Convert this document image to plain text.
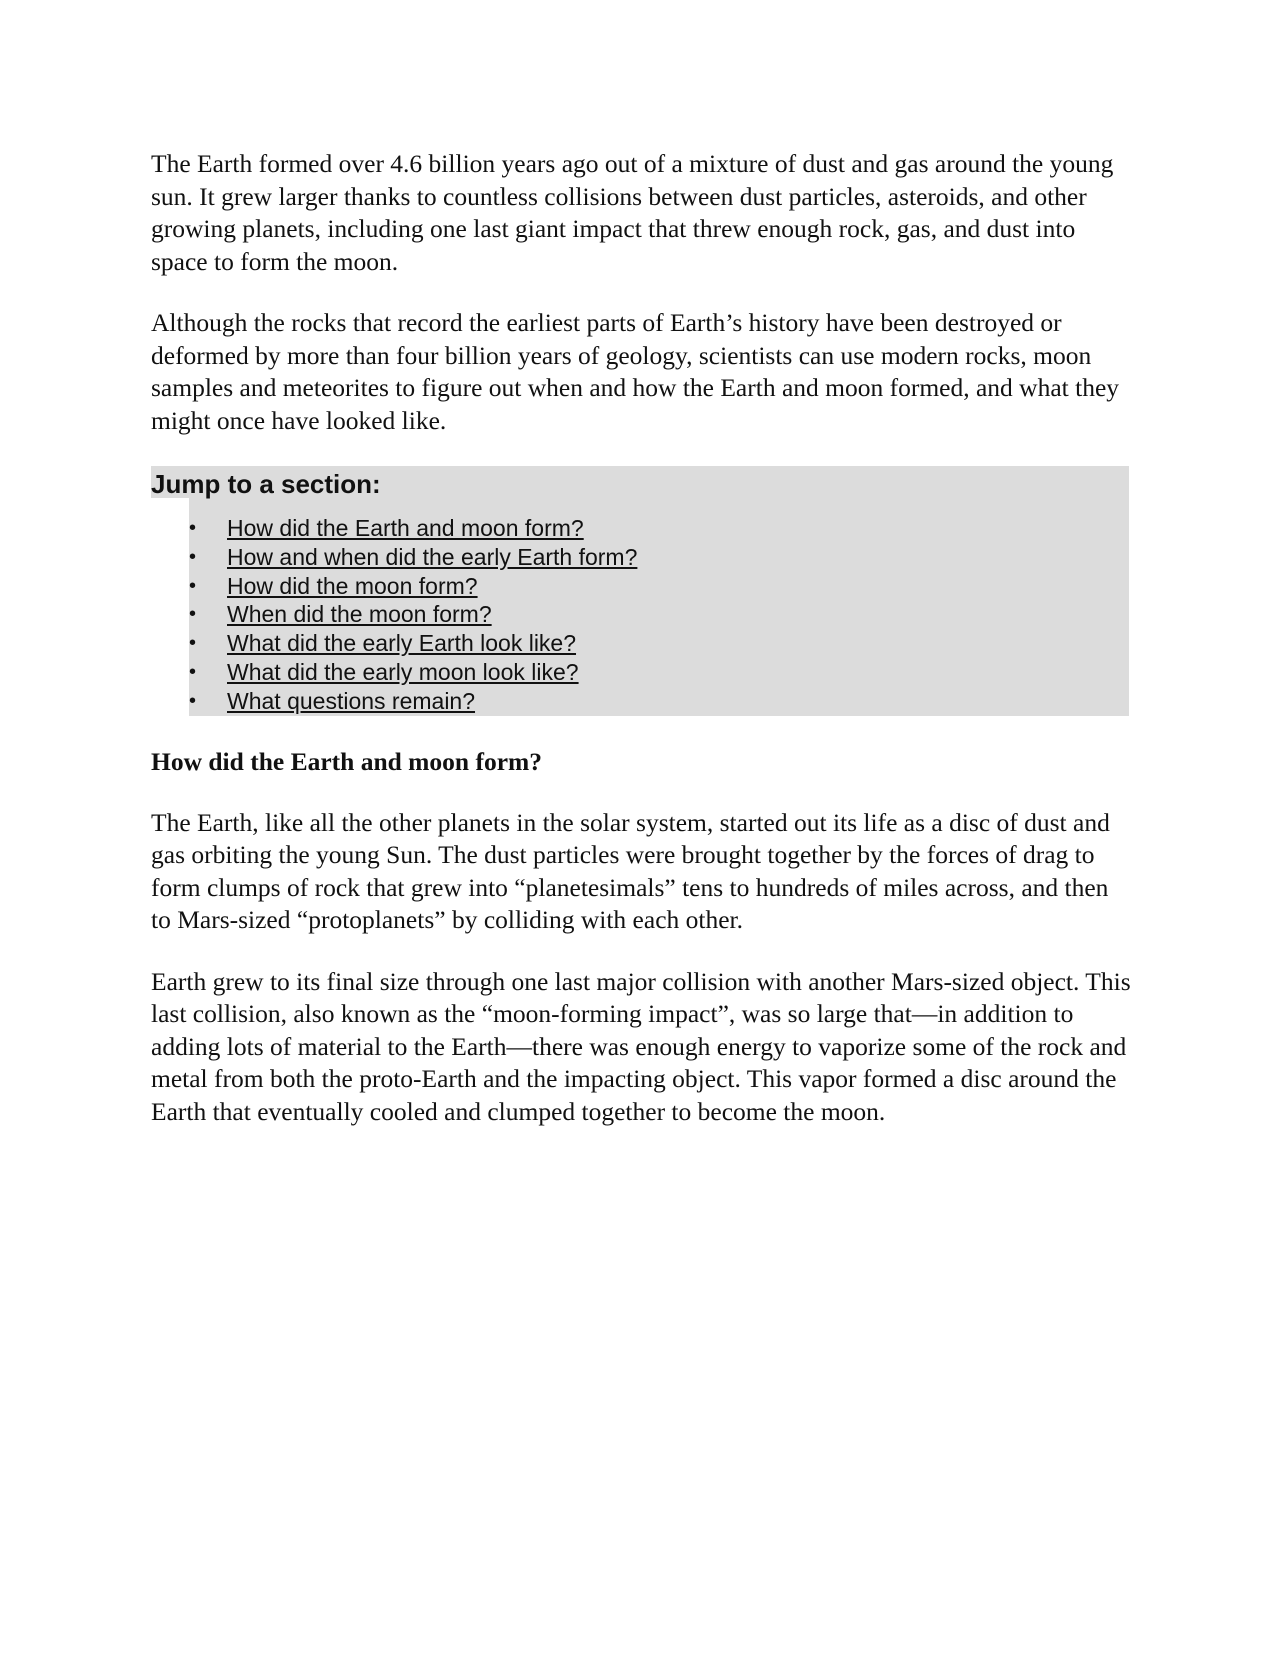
The Earth formed over 4.6 billion years ago out of a mixture of dust and gas around the young sun. It grew larger thanks to countless collisions between dust particles, asteroids, and other growing planets, including one last giant impact that threw enough rock, gas, and dust into space to form the moon.

Although the rocks that record the earliest parts of Earth’s history have been destroyed or deformed by more than four billion years of geology, scientists can use modern rocks, moon samples and meteorites to figure out when and how the Earth and moon formed, and what they might once have looked like.

Jump to a section:
• How did the Earth and moon form?
• How and when did the early Earth form?
• How did the moon form?
• When did the moon form?
• What did the early Earth look like?
• What did the early moon look like?
• What questions remain?
How did the Earth and moon form?

The Earth, like all the other planets in the solar system, started out its life as a disc of dust and gas orbiting the young Sun. The dust particles were brought together by the forces of drag to form clumps of rock that grew into “planetesimals” tens to hundreds of miles across, and then to Mars-sized “protoplanets” by colliding with each other.

Earth grew to its final size through one last major collision with another Mars-sized object. This last collision, also known as the “moon-forming impact”, was so large that—in addition to adding lots of material to the Earth—there was enough energy to vaporize some of the rock and metal from both the proto-Earth and the impacting object. This vapor formed a disc around the Earth that eventually cooled and clumped together to become the moon.
